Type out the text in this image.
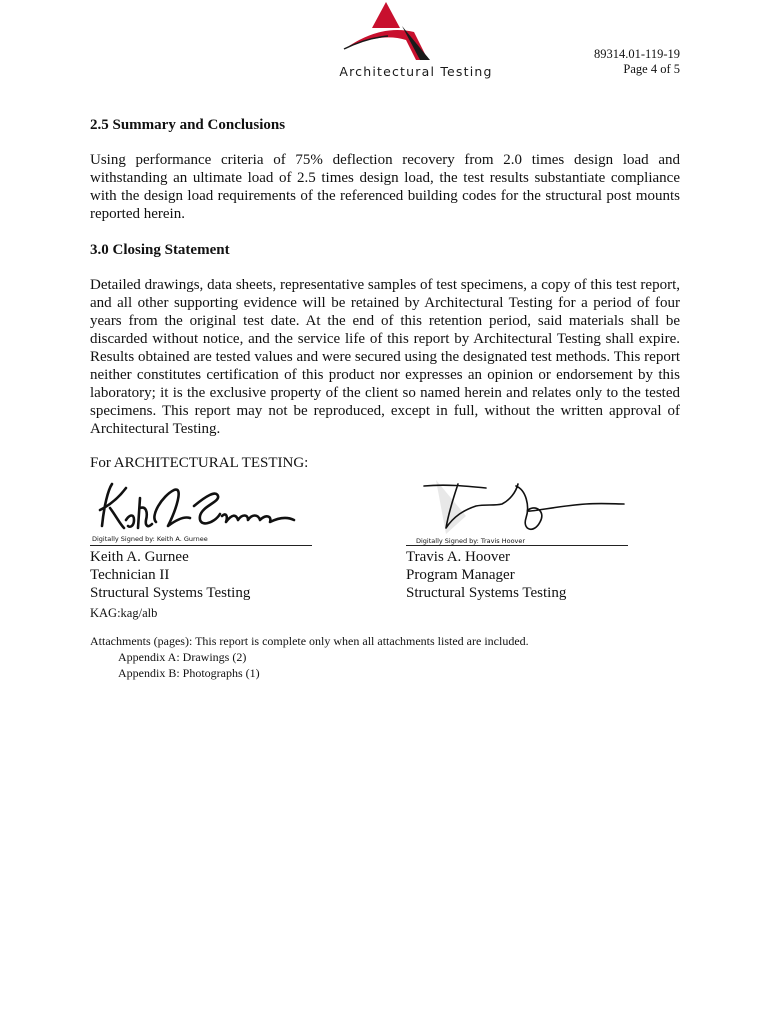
Architectural Testing
89314.01-119-19
Page 4 of 5
2.5 Summary and Conclusions

Using performance criteria of 75% deflection recovery from 2.0 times design load and withstanding an ultimate load of 2.5 times design load, the test results substantiate compliance with the design load requirements of the referenced building codes for the structural post mounts reported herein.

3.0 Closing Statement

Detailed drawings, data sheets, representative samples of test specimens, a copy of this test report, and all other supporting evidence will be retained by Architectural Testing for a period of four years from the original test date. At the end of this retention period, said materials shall be discarded without notice, and the service life of this report by Architectural Testing shall expire. Results obtained are tested values and were secured using the designated test methods. This report neither constitutes certification of this product nor expresses an opinion or endorsement by this laboratory; it is the exclusive property of the client so named herein and relates only to the tested specimens. This report may not be reproduced, except in full, without the written approval of Architectural Testing.

For ARCHITECTURAL TESTING:
Digitally Signed by: Keith A. Gurnee
Keith A. Gurnee
Technician II
Structural Systems Testing
Digitally Signed by: Travis Hoover
Travis A. Hoover
Program Manager
Structural Systems Testing
KAG:kag/alb
Attachments (pages): This report is complete only when all attachments listed are included.
Appendix A: Drawings (2)
Appendix B: Photographs (1)
